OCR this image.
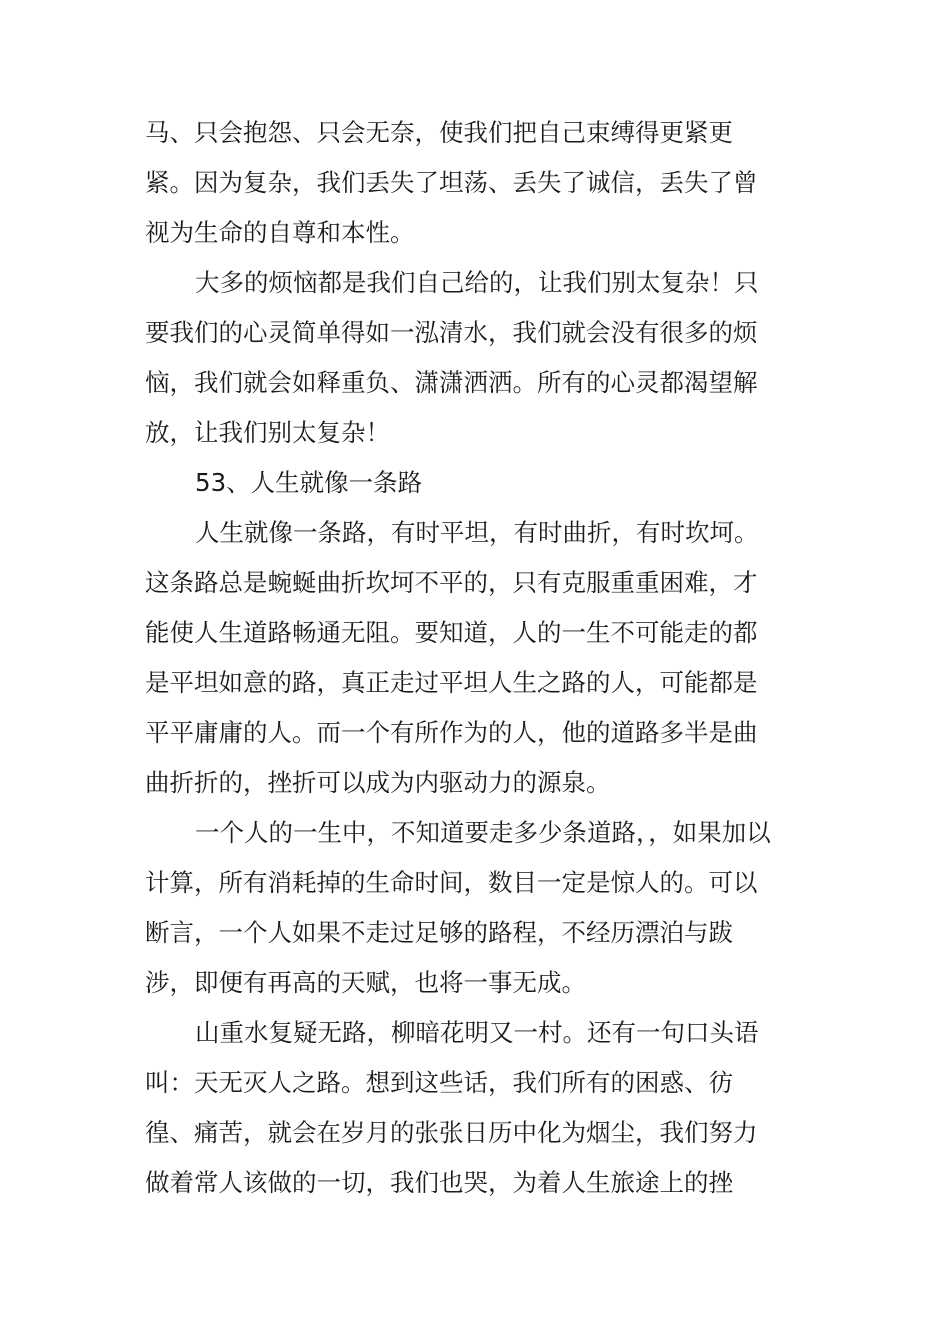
马、只会抱怨、只会无奈，使我们把自己束缚得更紧更
紧。因为复杂，我们丢失了坦荡、丢失了诚信，丢失了曾
视为生命的自尊和本性。
大多的烦恼都是我们自己给的，让我们别太复杂！只
要我们的心灵简单得如一泓清水，我们就会没有很多的烦
恼，我们就会如释重负、潇潇洒洒。所有的心灵都渴望解
放，让我们别太复杂！
53、人生就像一条路
人生就像一条路，有时平坦，有时曲折，有时坎坷。
这条路总是蜿蜒曲折坎坷不平的，只有克服重重困难，才
能使人生道路畅通无阻。要知道，人的一生不可能走的都
是平坦如意的路，真正走过平坦人生之路的人，可能都是
平平庸庸的人。而一个有所作为的人，他的道路多半是曲
曲折折的，挫折可以成为内驱动力的源泉。
一个人的一生中，不知道要走多少条道路，，如果加以
计算，所有消耗掉的生命时间，数目一定是惊人的。可以
断言，一个人如果不走过足够的路程，不经历漂泊与跋
涉，即便有再高的天赋，也将一事无成。
山重水复疑无路，柳暗花明又一村。还有一句口头语
叫：天无灭人之路。想到这些话，我们所有的困惑、彷
徨、痛苦，就会在岁月的张张日历中化为烟尘，我们努力
做着常人该做的一切，我们也哭，为着人生旅途上的挫
